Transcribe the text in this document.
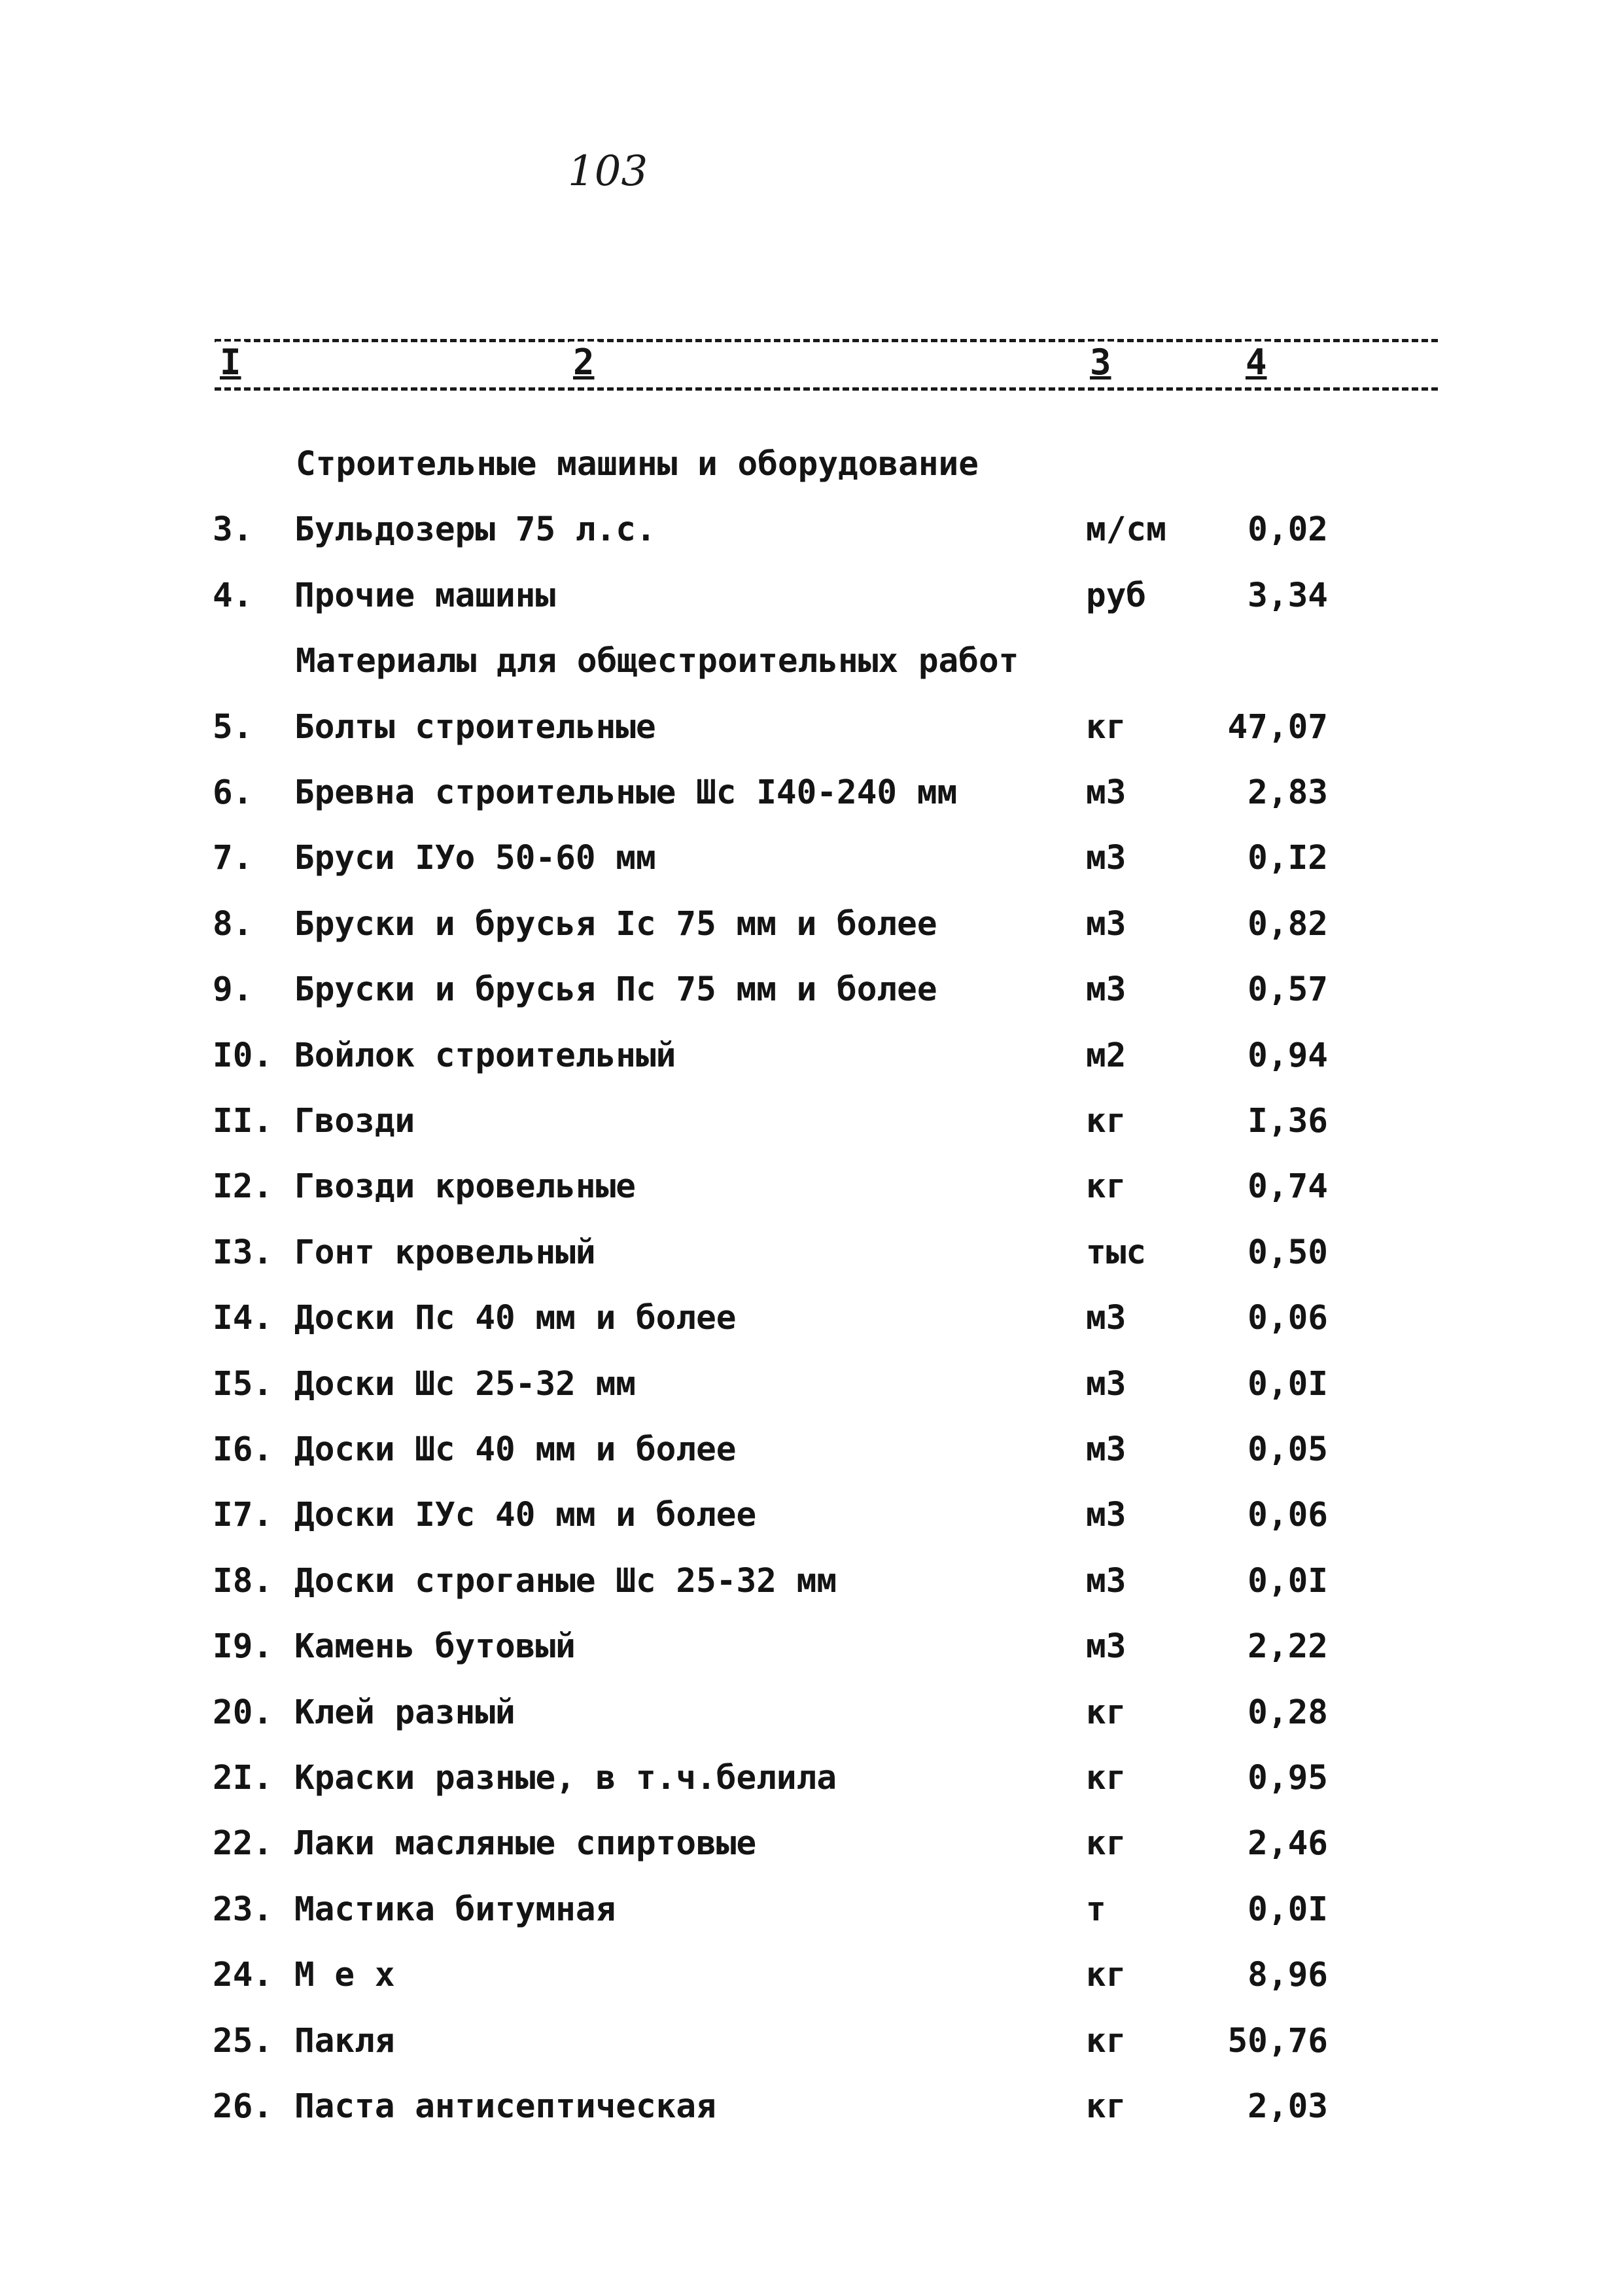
103
I	2	3	4
Строительные машины и оборудование
3. Бульдозеры 75 л.с.	м/см	0,02
4. Прочие машины	руб	3,34
Материалы для общестроительных работ
5. Болты строительные	кг	47,07
6. Бревна строительные Шс I40-240 мм	м3	2,83
7. Бруси IУо 50-60 мм	м3	0,I2
8. Бруски и брусья Iс 75 мм и более	м3	0,82
9. Бруски и брусья Пс 75 мм и более	м3	0,57
I0. Войлок строительный	м2	0,94
II. Гвозди	кг	I,36
I2. Гвозди кровельные	кг	0,74
I3. Гонт кровельный	тыс	0,50
I4. Доски Пс 40 мм и более	м3	0,06
I5. Доски Шс 25-32 мм	м3	0,0I
I6. Доски Шс 40 мм и более	м3	0,05
I7. Доски IУс 40 мм и более	м3	0,06
I8. Доски строганые Шс 25-32 мм	м3	0,0I
I9. Камень бутовый	м3	2,22
20. Клей разный	кг	0,28
2I. Краски разные, в т.ч.белила	кг	0,95
22. Лаки масляные спиртовые	кг	2,46
23. Мастика битумная	т	0,0I
24. М е х	кг	8,96
25. Пакля	кг	50,76
26. Паста антисептическая	кг	2,03
